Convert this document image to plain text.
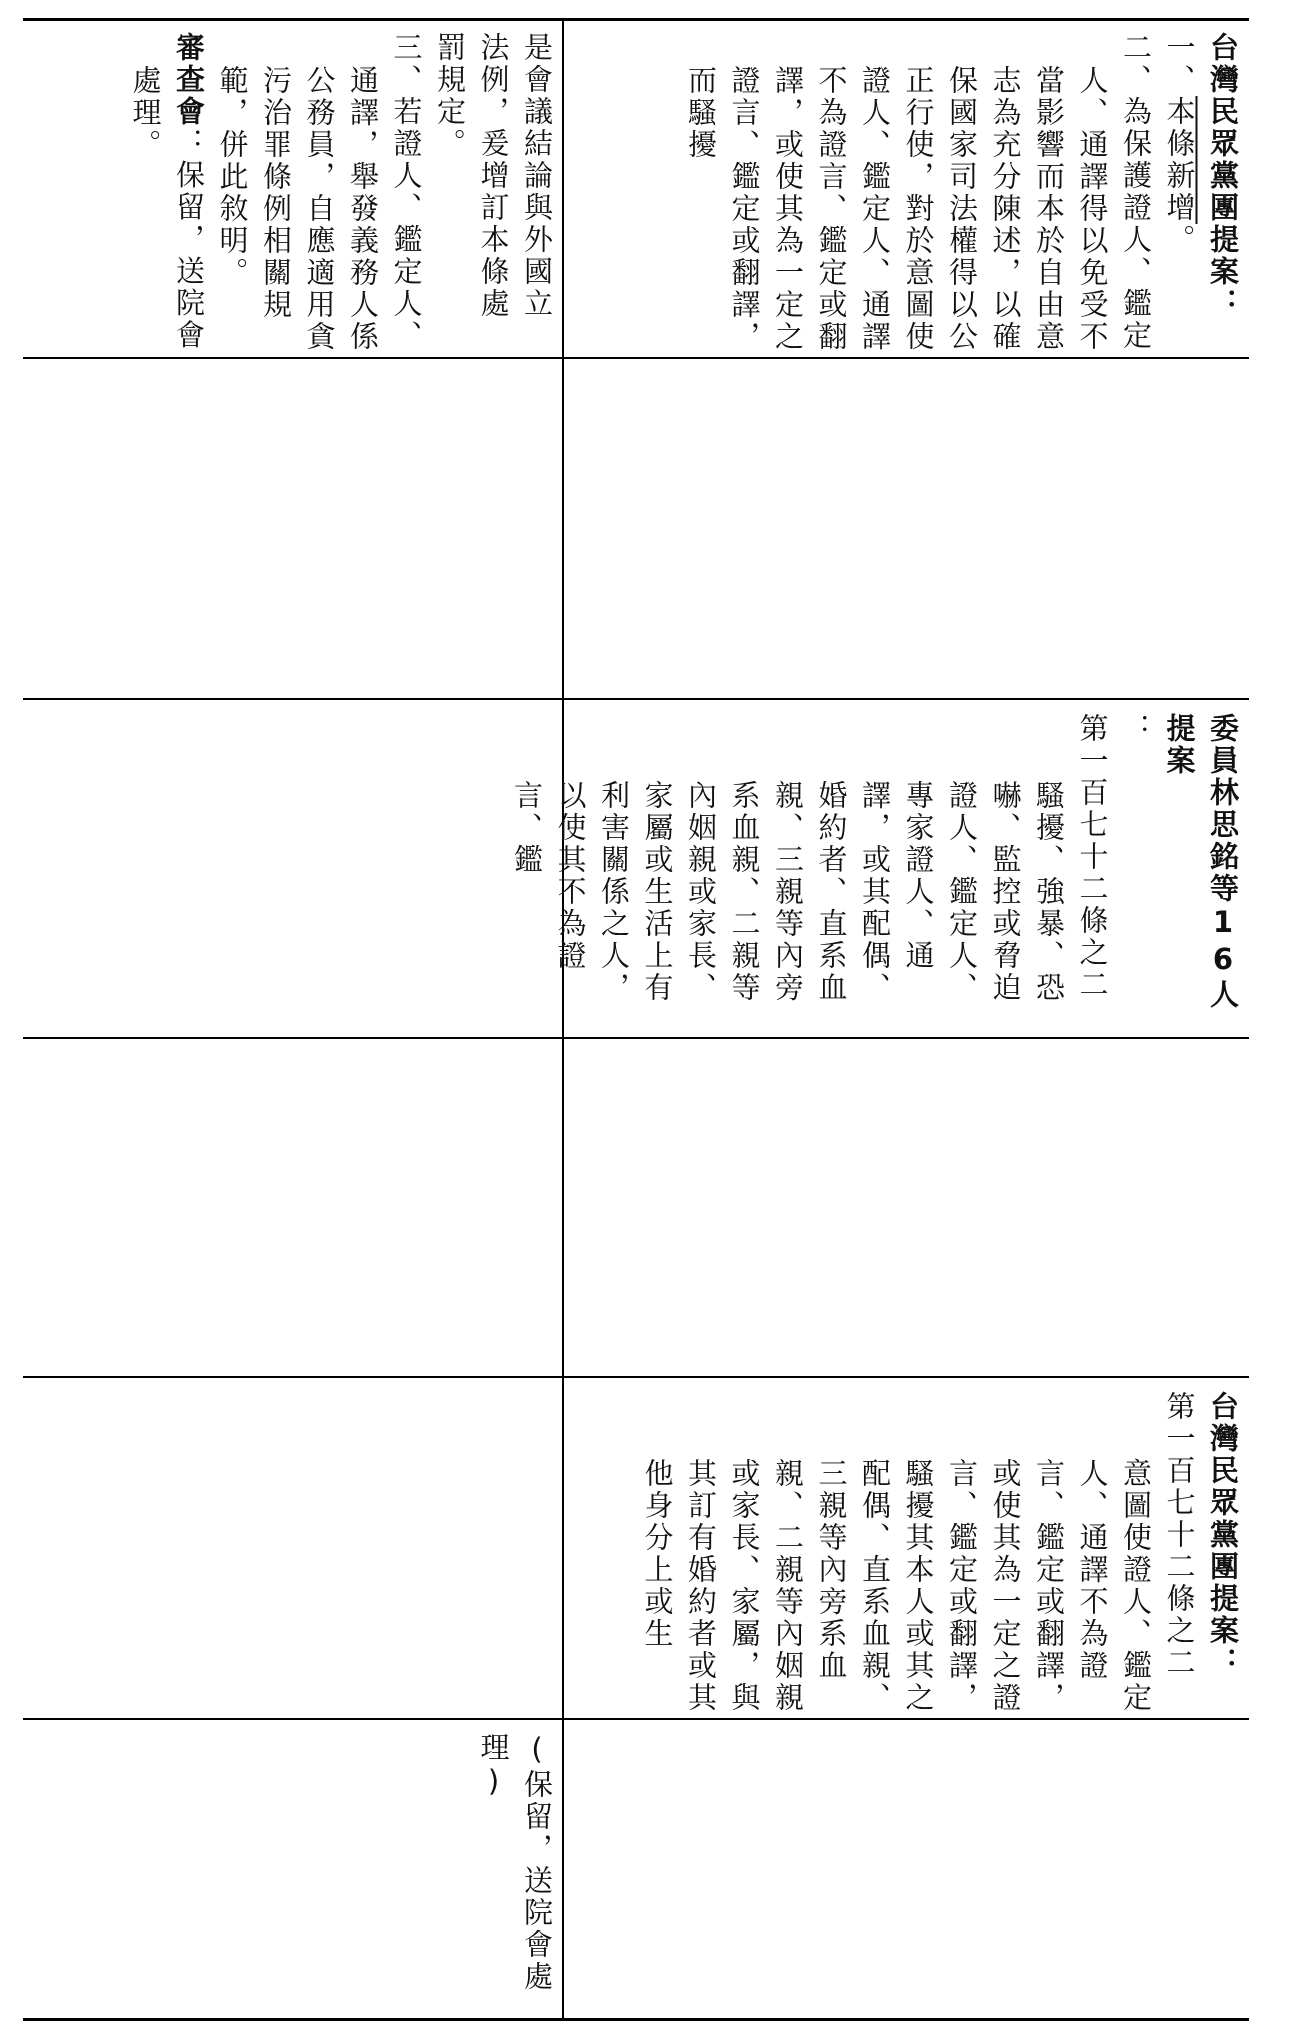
是會議結論與外國立

法例，爰增訂本條處

罰規定。

三、若證人、鑑定人、通譯，舉發義務人係公務員，自應適用貪污治罪條例相關規範，併此敘明。

審查會：保留，送院會處理。	台灣民眾黨團提案：

一、本條新增。

二、為保護證人、鑑定人、通譯得以免受不當影響而本於自由意志為充分陳述，以確保國家司法權得以公正行使，對於意圖使證人、鑑定人、通譯不為證言、鑑定或翻譯，或使其為一定之證言、鑑定或翻譯，而騷擾

委員林思銘等16人提案

：

第一百七十二條之二　騷擾、強暴、恐嚇、監控或脅迫證人、鑑定人、專家證人、通譯，或其配偶、婚約者、直系血親、三親等內旁系血親、二親等內姻親或家長、家屬或生活上有利害關係之人，以使其不為證言、鑑

台灣民眾黨團提案：

第一百七十二條之二　意圖使證人、鑑定人、通譯不為證言、鑑定或翻譯，或使其為一定之證言、鑑定或翻譯，騷擾其本人或其之配偶、直系血親、三親等內旁系血親、二親等內姻親或家長、家屬，與其訂有婚約者或其他身分上或生

(保留，送院會處理)
